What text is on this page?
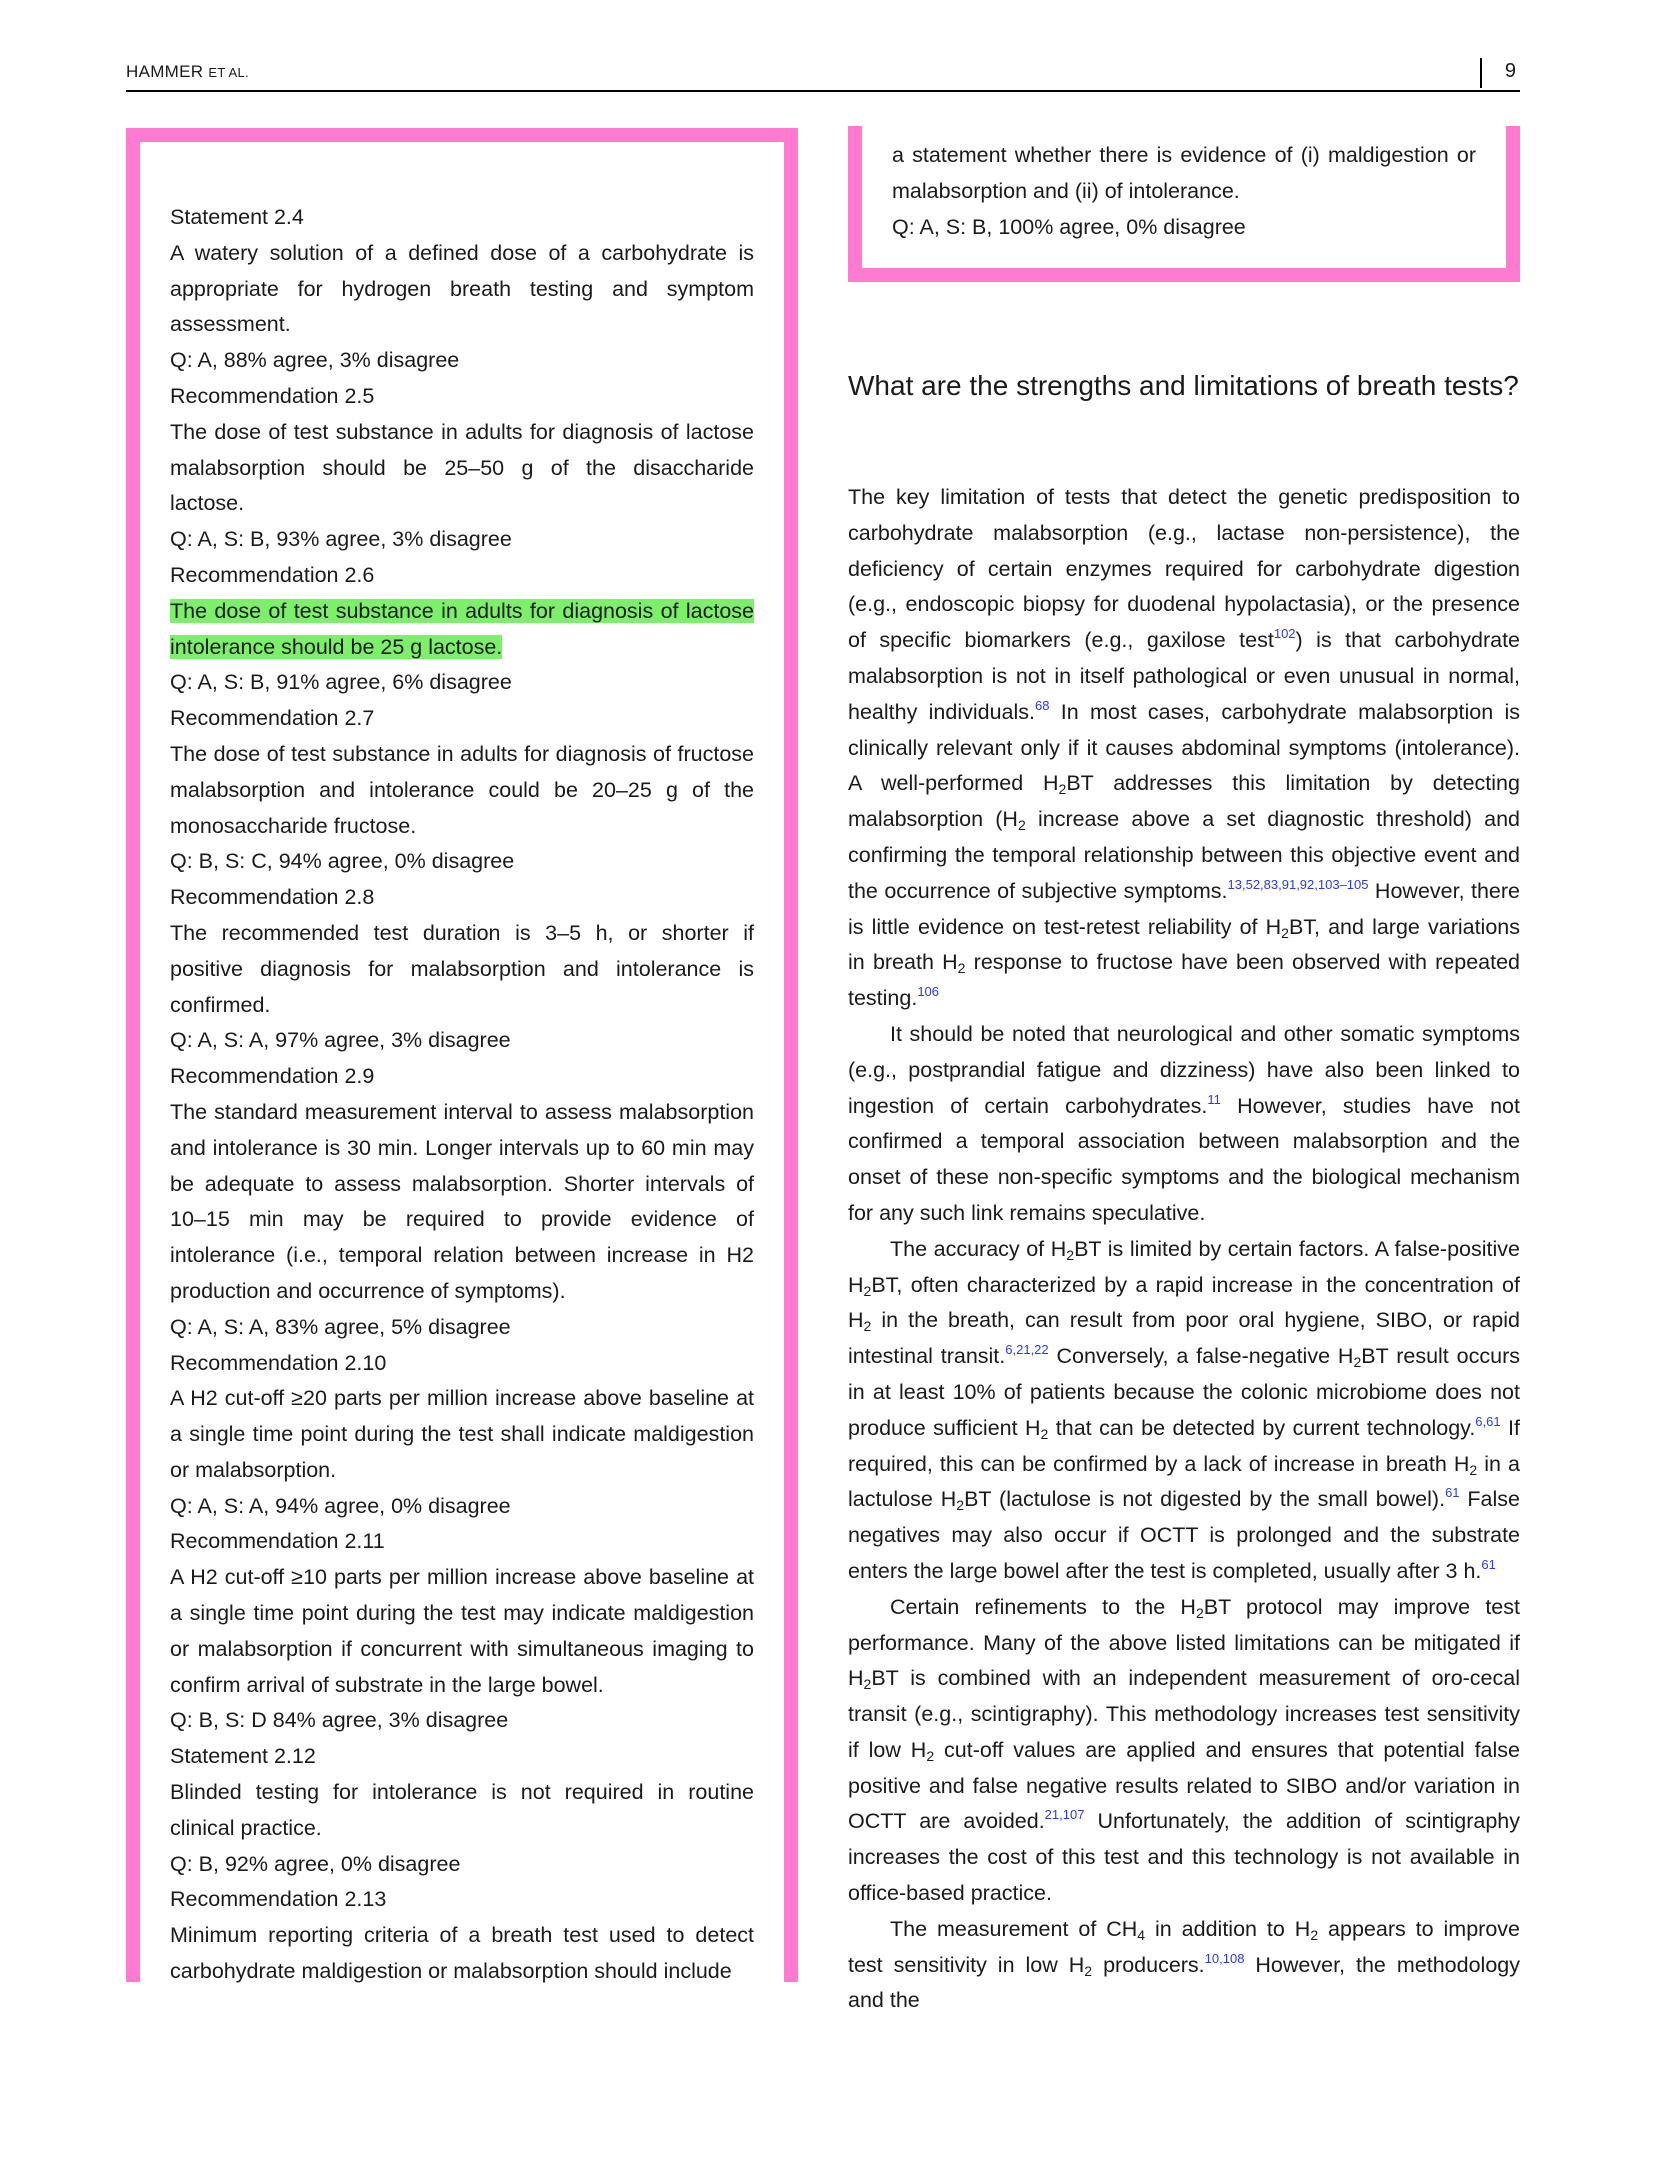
HAMMER ET AL.	9

Statement 2.4

A watery solution of a defined dose of a carbohydrate is appropriate for hydrogen breath testing and symptom assessment.

Q: A, 88% agree, 3% disagree

Recommendation 2.5

The dose of test substance in adults for diagnosis of lactose malabsorption should be 25–50 g of the disaccharide lactose.

Q: A, S: B, 93% agree, 3% disagree

Recommendation 2.6

The dose of test substance in adults for diagnosis of lactose intolerance should be 25 g lactose.

Q: A, S: B, 91% agree, 6% disagree

Recommendation 2.7

The dose of test substance in adults for diagnosis of fructose malabsorption and intolerance could be 20–25 g of the monosaccharide fructose.

Q: B, S: C, 94% agree, 0% disagree

Recommendation 2.8

The recommended test duration is 3–5 h, or shorter if positive diagnosis for malabsorption and intolerance is confirmed.

Q: A, S: A, 97% agree, 3% disagree

Recommendation 2.9

The standard measurement interval to assess malabsorption and intolerance is 30 min. Longer intervals up to 60 min may be adequate to assess malabsorption. Shorter intervals of 10–15 min may be required to provide evidence of intolerance (i.e., temporal relation between increase in H2 production and occurrence of symptoms).

Q: A, S: A, 83% agree, 5% disagree

Recommendation 2.10

A H2 cut-off ≥20 parts per million increase above baseline at a single time point during the test shall indicate maldigestion or malabsorption.

Q: A, S: A, 94% agree, 0% disagree

Recommendation 2.11

A H2 cut-off ≥10 parts per million increase above baseline at a single time point during the test may indicate maldigestion or malabsorption if concurrent with simultaneous imaging to confirm arrival of substrate in the large bowel.

Q: B, S: D 84% agree, 3% disagree

Statement 2.12

Blinded testing for intolerance is not required in routine clinical practice.

Q: B, 92% agree, 0% disagree

Recommendation 2.13

Minimum reporting criteria of a breath test used to detect carbohydrate maldigestion or malabsorption should include

a statement whether there is evidence of (i) maldigestion or malabsorption and (ii) of intolerance.

Q: A, S: B, 100% agree, 0% disagree

What are the strengths and limitations of breath tests?

The key limitation of tests that detect the genetic predisposition to carbohydrate malabsorption (e.g., lactase non-persistence), the deficiency of certain enzymes required for carbohydrate digestion (e.g., endoscopic biopsy for duodenal hypolactasia), or the presence of specific biomarkers (e.g., gaxilose test$^{102}$) is that carbohydrate malabsorption is not in itself pathological or even unusual in normal, healthy individuals.$^{68}$ In most cases, carbohydrate malabsorption is clinically relevant only if it causes abdominal symptoms (intolerance). A well-performed $H_2BT$ addresses this limitation by detecting malabsorption ($H_2$ increase above a set diagnostic threshold) and confirming the temporal relationship between this objective event and the occurrence of subjective symptoms.$^{13,52,83,91,92,103-105}$ However, there is little evidence on test-retest reliability of $H_2BT$, and large variations in breath $H_2$ response to fructose have been observed with repeated testing.$^{106}$

It should be noted that neurological and other somatic symptoms (e.g., postprandial fatigue and dizziness) have also been linked to ingestion of certain carbohydrates.$^{11}$ However, studies have not confirmed a temporal association between malabsorption and the onset of these non-specific symptoms and the biological mechanism for any such link remains speculative.

The accuracy of $H_2BT$ is limited by certain factors. A false-positive $H_2BT$, often characterized by a rapid increase in the concentration of $H_2$ in the breath, can result from poor oral hygiene, SIBO, or rapid intestinal transit.$^{6,21,22}$ Conversely, a false-negative $H_2BT$ result occurs in at least 10% of patients because the colonic microbiome does not produce sufficient $H_2$ that can be detected by current technology.$^{6,61}$ If required, this can be confirmed by a lack of increase in breath $H_2$ in a lactulose $H_2BT$ (lactulose is not digested by the small bowel).$^{61}$ False negatives may also occur if OCTT is prolonged and the substrate enters the large bowel after the test is completed, usually after 3 h.$^{61}$

Certain refinements to the $H_2BT$ protocol may improve test performance. Many of the above listed limitations can be mitigated if $H_2BT$ is combined with an independent measurement of oro-cecal transit (e.g., scintigraphy). This methodology increases test sensitivity if low $H_2$ cut-off values are applied and ensures that potential false positive and false negative results related to SIBO and/or variation in OCTT are avoided.$^{21,107}$ Unfortunately, the addition of scintigraphy increases the cost of this test and this technology is not available in office-based practice.

The measurement of $CH_4$ in addition to $H_2$ appears to improve test sensitivity in low $H_2$ producers.$^{10,108}$ However, the methodology and the
